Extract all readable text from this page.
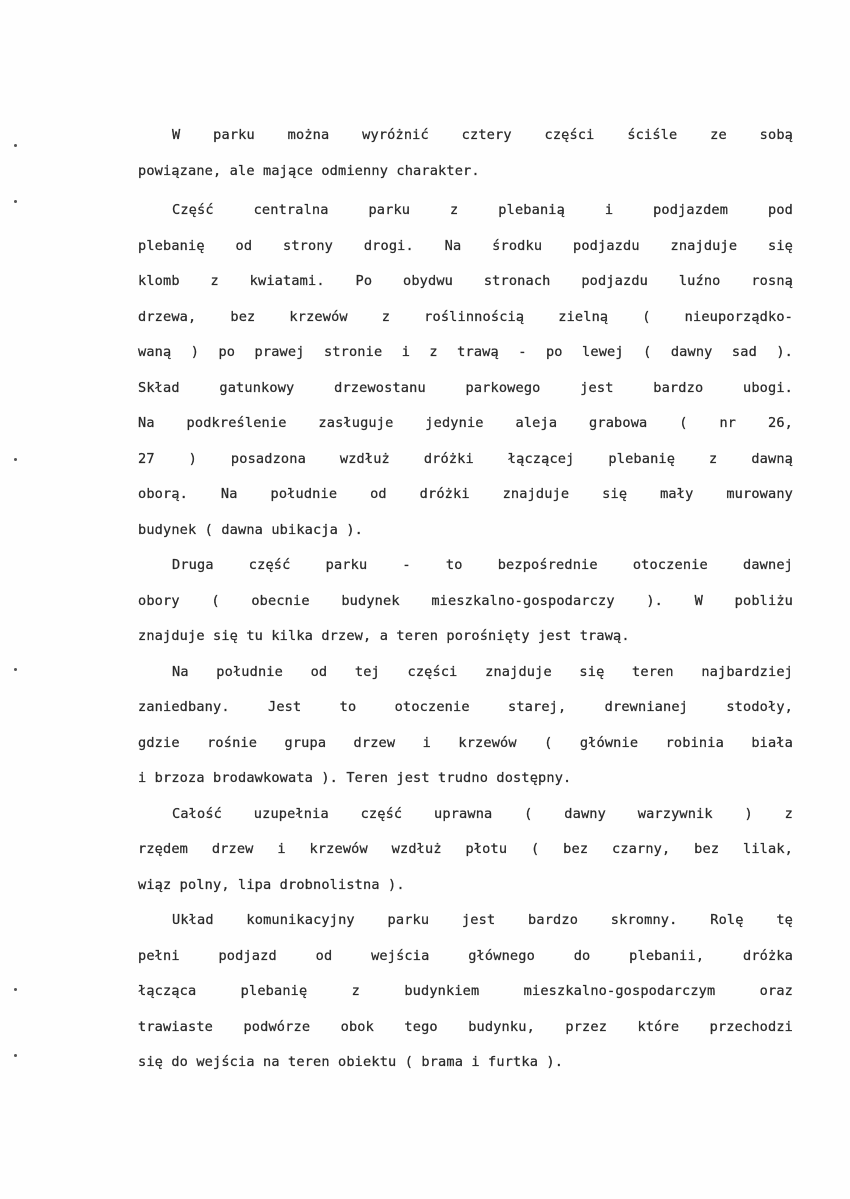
W parku można wyróżnić cztery części ściśle ze sobą
powiązane, ale mające odmienny charakter.
Część centralna parku z plebanią i podjazdem pod
plebanię od strony drogi. Na środku podjazdu znajduje się
klomb z kwiatami. Po obydwu stronach podjazdu luźno rosną
drzewa, bez krzewów z roślinnością zielną ( nieuporządko-
waną ) po prawej stronie i z trawą - po lewej ( dawny sad ).
Skład gatunkowy drzewostanu parkowego jest bardzo ubogi.
Na podkreślenie zasługuje jedynie aleja grabowa ( nr 26,
27 ) posadzona wzdłuż dróżki łączącej plebanię z dawną
oborą. Na południe od dróżki znajduje się mały murowany
budynek ( dawna ubikacja ).
Druga część parku - to bezpośrednie otoczenie dawnej
obory ( obecnie budynek mieszkalno-gospodarczy ). W pobliżu
znajduje się tu kilka drzew, a teren porośnięty jest trawą.
Na południe od tej części znajduje się teren najbardziej
zaniedbany. Jest to otoczenie starej, drewnianej stodoły,
gdzie rośnie grupa drzew i krzewów ( głównie robinia biała
i brzoza brodawkowata ). Teren jest trudno dostępny.
Całość uzupełnia część uprawna ( dawny warzywnik ) z
rzędem drzew i krzewów wzdłuż płotu ( bez czarny, bez lilak,
wiąz polny, lipa drobnolistna ).
Układ komunikacyjny parku jest bardzo skromny. Rolę tę
pełni podjazd od wejścia głównego do plebanii, dróżka
łącząca plebanię z budynkiem mieszkalno-gospodarczym oraz
trawiaste podwórze obok tego budynku, przez które przechodzi
się do wejścia na teren obiektu ( brama i furtka ).
